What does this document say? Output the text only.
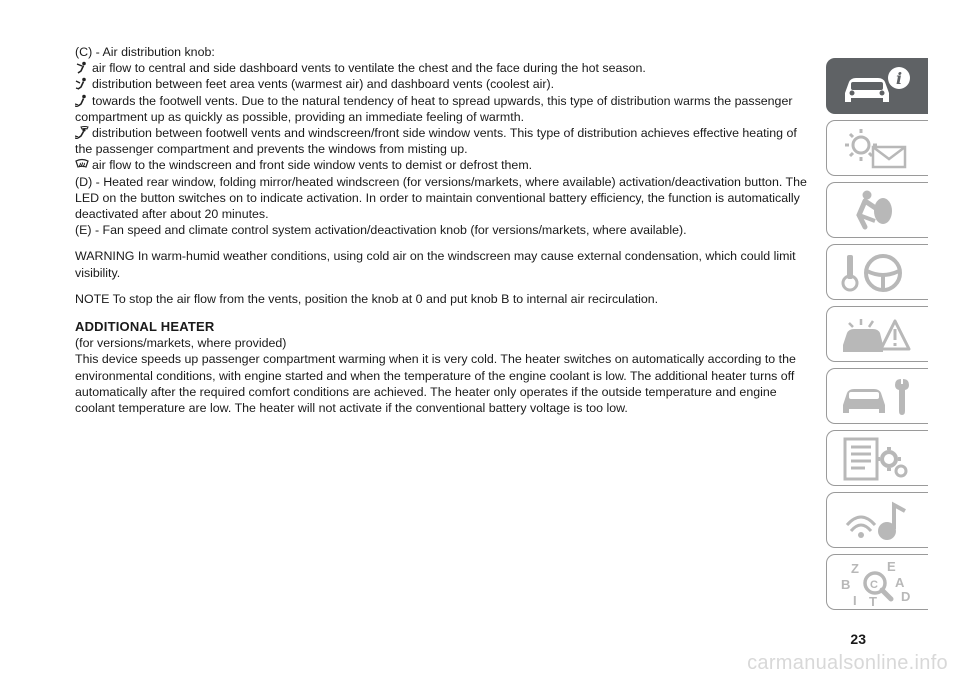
(C) - Air distribution knob:

air flow to central and side dashboard vents to ventilate the chest and the face during the hot season.

distribution between feet area vents (warmest air) and dashboard vents (coolest air).

towards the footwell vents. Due to the natural tendency of heat to spread upwards, this type of distribution warms the passenger compartment up as quickly as possible, providing an immediate feeling of warmth.

distribution between footwell vents and windscreen/front side window vents. This type of distribution achieves effective heating of the passenger compartment and prevents the windows from misting up.

air flow to the windscreen and front side window vents to demist or defrost them.

(D) - Heated rear window, folding mirror/heated windscreen (for versions/markets, where available) activation/deactivation button. The LED on the button switches on to indicate activation. In order to maintain conventional battery efficiency, the function is automatically deactivated after about 20 minutes.

(E) - Fan speed and climate control system activation/deactivation knob (for versions/markets, where available).

WARNING In warm-humid weather conditions, using cold air on the windscreen may cause external condensation, which could limit visibility.

NOTE To stop the air flow from the vents, position the knob at 0 and put knob B to internal air recirculation.

ADDITIONAL HEATER

(for versions/markets, where provided)

This device speeds up passenger compartment warming when it is very cold. The heater switches on automatically according to the environmental conditions, with engine started and when the temperature of the engine coolant is low. The additional heater turns off automatically after the required comfort conditions are achieved. The heater only operates if the outside temperature and engine coolant temperature are low. The heater will not activate if the conventional battery voltage is too low.

i
Z E
B	A
C
D
I T
23
carmanualsonline.info
